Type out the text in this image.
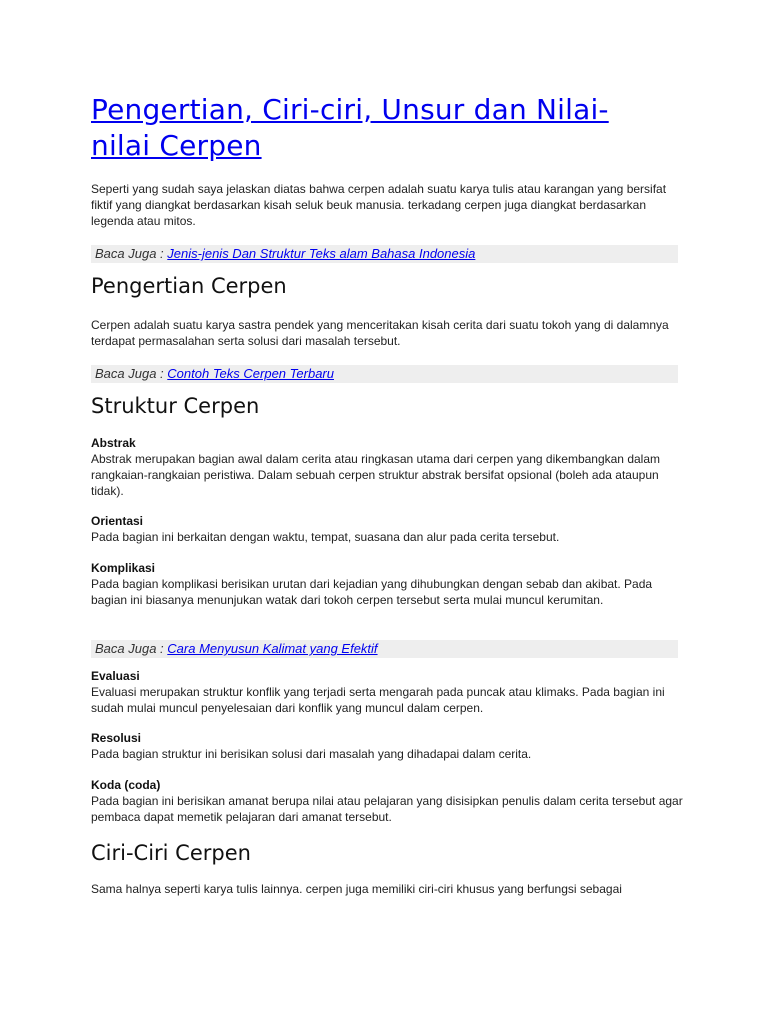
Pengertian, Ciri-ciri, Unsur dan Nilai-nilai Cerpen

Seperti yang sudah saya jelaskan diatas bahwa cerpen adalah suatu karya tulis atau karangan yang bersifat fiktif yang diangkat berdasarkan kisah seluk beuk manusia. terkadang cerpen juga diangkat berdasarkan legenda atau mitos.

Baca Juga : Jenis-jenis Dan Struktur Teks alam Bahasa Indonesia
Pengertian Cerpen

Cerpen adalah suatu karya sastra pendek yang menceritakan kisah cerita dari suatu tokoh yang di dalamnya terdapat permasalahan serta solusi dari masalah tersebut.

Baca Juga : Contoh Teks Cerpen Terbaru
Struktur Cerpen

Abstrak

Abstrak merupakan bagian awal dalam cerita atau ringkasan utama dari cerpen yang dikembangkan dalam rangkaian-rangkaian peristiwa. Dalam sebuah cerpen struktur abstrak bersifat opsional (boleh ada ataupun tidak).

Orientasi

Pada bagian ini berkaitan dengan waktu, tempat, suasana dan alur pada cerita tersebut.

Komplikasi

Pada bagian komplikasi berisikan urutan dari kejadian yang dihubungkan dengan sebab dan akibat. Pada bagian ini biasanya menunjukan watak dari tokoh cerpen tersebut serta mulai muncul kerumitan.

Baca Juga : Cara Menyusun Kalimat yang Efektif

Evaluasi

Evaluasi merupakan struktur konflik yang terjadi serta mengarah pada puncak atau klimaks. Pada bagian ini sudah mulai muncul penyelesaian dari konflik yang muncul dalam cerpen.

Resolusi

Pada bagian struktur ini berisikan solusi dari masalah yang dihadapai dalam cerita.

Koda (coda)

Pada bagian ini berisikan amanat berupa nilai atau pelajaran yang disisipkan penulis dalam cerita tersebut agar pembaca dapat memetik pelajaran dari amanat tersebut.

Ciri-Ciri Cerpen

Sama halnya seperti karya tulis lainnya. cerpen juga memiliki ciri-ciri khusus yang berfungsi sebagai
